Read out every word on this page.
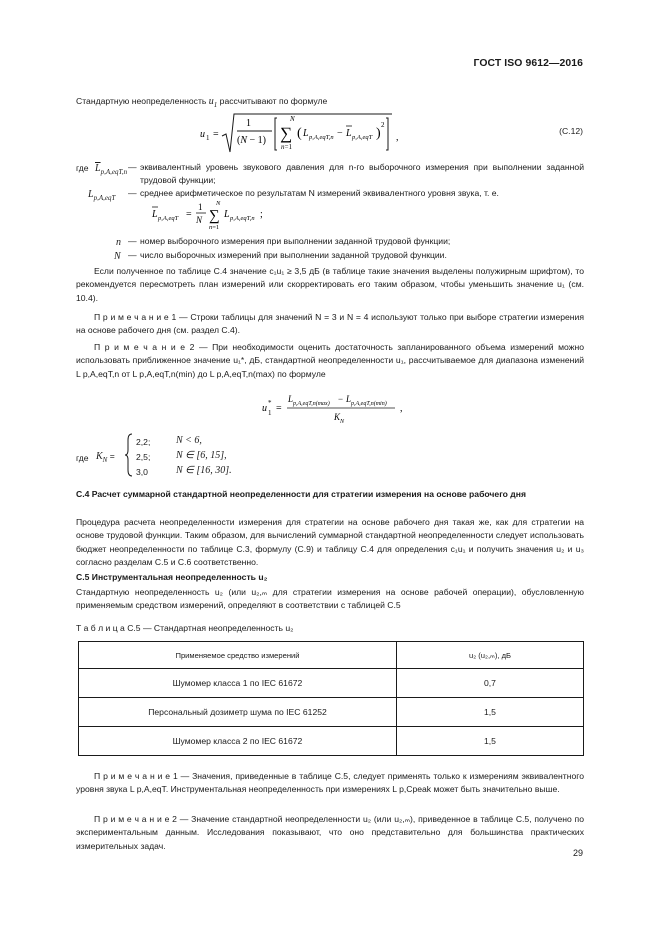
ГОСТ ISO 9612—2016
Стандартную неопределенность $u_1$ рассчитывают по формуле
u 1 =
1
(N − 1)
N
∑
n=1
( L p,A,eqT,n − L p,A,eqT )
2
,
(C.12)
где $\overline{L}_{p,A,eqT,n}$ — эквивалентный уровень звукового давления для n-го выборочного измерения при выполнении заданной трудовой функции;
$L_{p,A,eqT}$ — среднее арифметическое по результатам N измерений эквивалентного уровня звука, т. е.
L p,A,eqT =
1
N
N
∑
n=1
L p,A,eqT,n ;
n — номер выборочного измерения при выполнении заданной трудовой функции;
N — число выборочных измерений при выполнении заданной трудовой функции.
Если полученное по таблице С.4 значение c₁u₁ ≥ 3,5 дБ (в таблице такие значения выделены полужирным шрифтом), то рекомендуется пересмотреть план измерений или скорректировать его таким образом, чтобы уменьшить значение u₁ (см. 10.4).
П р и м е ч а н и е 1 — Строки таблицы для значений N = 3 и N = 4 используют только при выборе стратегии измерения на основе рабочего дня (см. раздел С.4).
П р и м е ч а н и е 2 — При необходимости оценить достаточность запланированного объема измерений можно использовать приближенное значение u₁*, дБ, стандартной неопределенности u₁, рассчитываемое для диапазона изменений L p,A,eqT,n от L p,A,eqT,n(min) до L p,A,eqT,n(max) по формуле
u *
1 =
L p,A,eqT,n(max) − L p,A,eqT,n(min)
K N
,
где $K_N$ =
2,2;	N < 6,
2,5;	N ∈ [6, 15],
3,0	N ∈ [16, 30].
С.4 Расчет суммарной стандартной неопределенности для стратегии измерения на основе рабочего дня
Процедура расчета неопределенности измерения для стратегии на основе рабочего дня такая же, как для стратегии на основе трудовой функции. Таким образом, для вычислений суммарной стандартной неопределенности следует использовать бюджет неопределенности по таблице С.3, формулу (С.9) и таблицу С.4 для определения c₁u₁ и получить значения u₂ и u₃ согласно разделам С.5 и С.6 соответственно.
С.5 Инструментальная неопределенность u₂
Стандартную неопределенность u₂ (или u₂,ₘ для стратегии измерения на основе рабочей операции), обусловленную применяемым средством измерений, определяют в соответствии с таблицей С.5
Т а б л и ц а С.5 — Стандартная неопределенность u₂
Применяемое средство измерений	u₂ (u₂,ₘ), дБ
Шумомер класса 1 по IEC 61672	0,7
Персональный дозиметр шума по IEC 61252	1,5
Шумомер класса 2 по IEC 61672	1,5
П р и м е ч а н и е 1 — Значения, приведенные в таблице С.5, следует применять только к измерениям эквивалентного уровня звука L p,A,eqT. Инструментальная неопределенность при измерениях L p,Cpeak может быть значительно выше.
П р и м е ч а н и е 2 — Значение стандартной неопределенности u₂ (или u₂,ₘ), приведенное в таблице С.5, получено по экспериментальным данным. Исследования показывают, что оно представительно для большинства практических измерительных задач.
29
